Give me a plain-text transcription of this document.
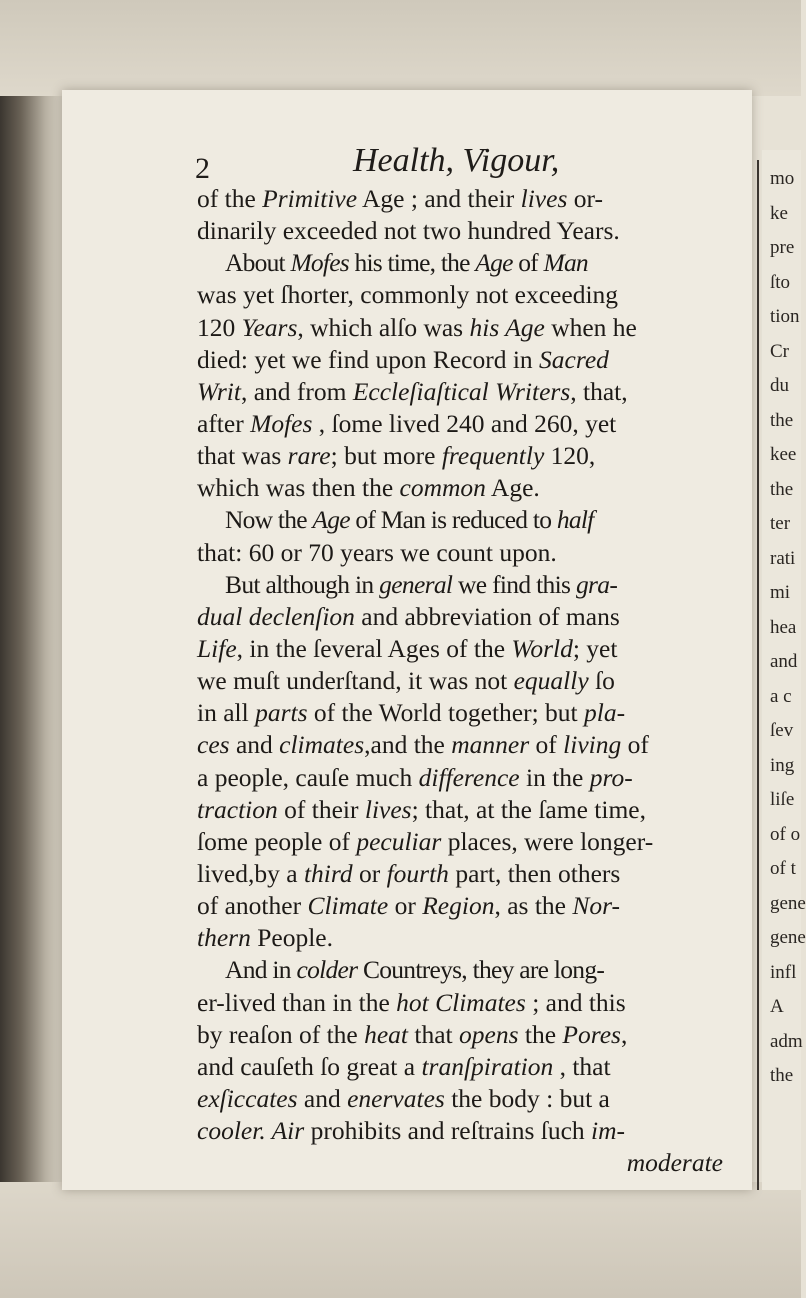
mo
ke
pre
ſto
tion
Cr
du
the
kee
the
ter
rati
mi
hea
and
a c
ſev
ing
liſe
of o
of t
gene
gene
infl
A
adm
the
2	Health, Vigour,
of the Primitive Age ; and their lives or-
dinarily exceeded not two hundred Years.
About Mofes his time, the Age of Man
was yet ſhorter, commonly not exceeding
120 Years, which alſo was his Age when he
died: yet we find upon Record in Sacred
Writ, and from Eccleſiaſtical Writers, that,
after Mofes , ſome lived 240 and 260, yet
that was rare; but more frequently 120,
which was then the common Age.
Now the Age of Man is reduced to half
that: 60 or 70 years we count upon.
But although in general we find this gra-
dual declenſion and abbreviation of mans
Life, in the ſeveral Ages of the World; yet
we muſt underſtand, it was not equally ſo
in all parts of the World together; but pla-
ces and climates,and the manner of living of
a people, cauſe much difference in the pro-
traction of their lives; that, at the ſame time,
ſome people of peculiar places, were longer-
lived,by a third or fourth part, then others
of another Climate or Region, as the Nor-
thern People.
And in colder Countreys, they are long-
er-lived than in the hot Climates ; and this
by reaſon of the heat that opens the Pores,
and cauſeth ſo great a tranſpiration , that
exſiccates and enervates the body : but a
cooler. Air prohibits and reſtrains ſuch im-
moderate
